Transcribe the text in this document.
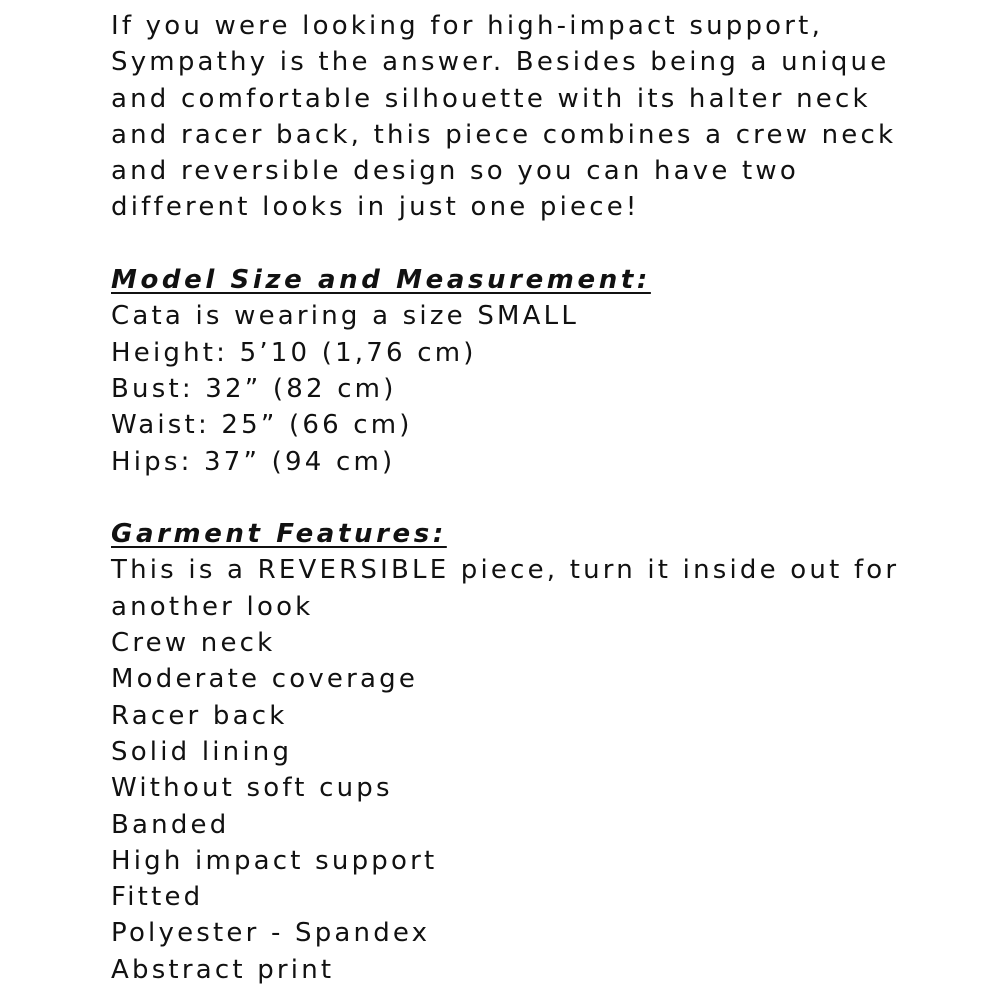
If you were looking for high-impact support,

Sympathy is the answer. Besides being a unique

and comfortable silhouette with its halter neck

and racer back, this piece combines a crew neck

and reversible design so you can have two

different looks in just one piece!

Model Size and Measurement:

Cata is wearing a size SMALL

Height: 5’10 (1,76 cm)

Bust: 32” (82 cm)

Waist: 25” (66 cm)

Hips: 37” (94 cm)

Garment Features:

This is a REVERSIBLE piece, turn it inside out for

another look

Crew neck

Moderate coverage

Racer back

Solid lining

Without soft cups

Banded

High impact support

Fitted

Polyester - Spandex

Abstract print
